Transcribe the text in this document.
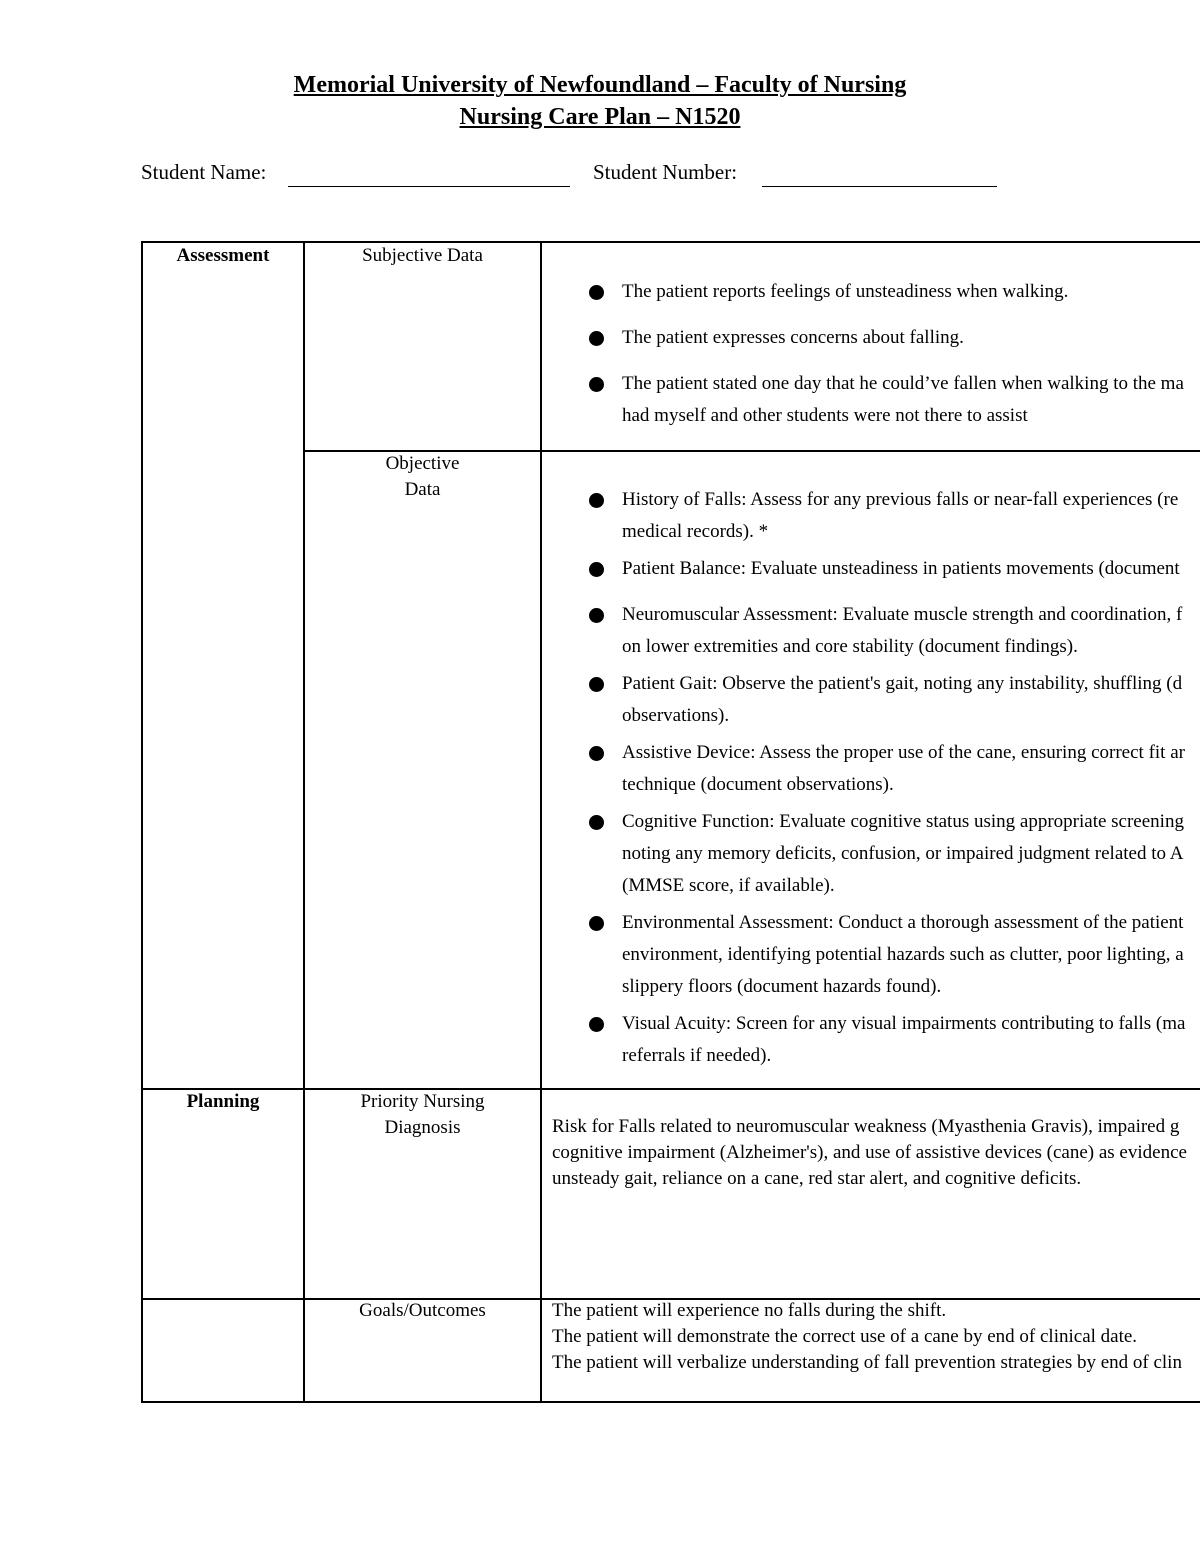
Memorial University of Newfoundland – Faculty of Nursing
Nursing Care Plan – N1520
Student Name:	Student Number:
Assessment
Planning
Subjective Data
Objective
Data
Priority Nursing
Diagnosis
Goals/Outcomes
The patient reports feelings of unsteadiness when walking.
The patient expresses concerns about falling.
The patient stated one day that he could’ve fallen when walking to the ma
had myself and other students were not there to assist
History of Falls: Assess for any previous falls or near-fall experiences (re
medical records). *
Patient Balance: Evaluate unsteadiness in patients movements (document
Neuromuscular Assessment: Evaluate muscle strength and coordination, f
on lower extremities and core stability (document findings).
Patient Gait: Observe the patient's gait, noting any instability, shuffling (d
observations).
Assistive Device: Assess the proper use of the cane, ensuring correct fit ar
technique (document observations).
Cognitive Function: Evaluate cognitive status using appropriate screening
noting any memory deficits, confusion, or impaired judgment related to A
(MMSE score, if available).
Environmental Assessment: Conduct a thorough assessment of the patient
environment, identifying potential hazards such as clutter, poor lighting, a
slippery floors (document hazards found).
Visual Acuity: Screen for any visual impairments contributing to falls (ma
referrals if needed).
Risk for Falls related to neuromuscular weakness (Myasthenia Gravis), impaired g
cognitive impairment (Alzheimer's), and use of assistive devices (cane) as evidence
unsteady gait, reliance on a cane, red star alert, and cognitive deficits.
The patient will experience no falls during the shift.
The patient will demonstrate the correct use of a cane by end of clinical date.
The patient will verbalize understanding of fall prevention strategies by end of clin
